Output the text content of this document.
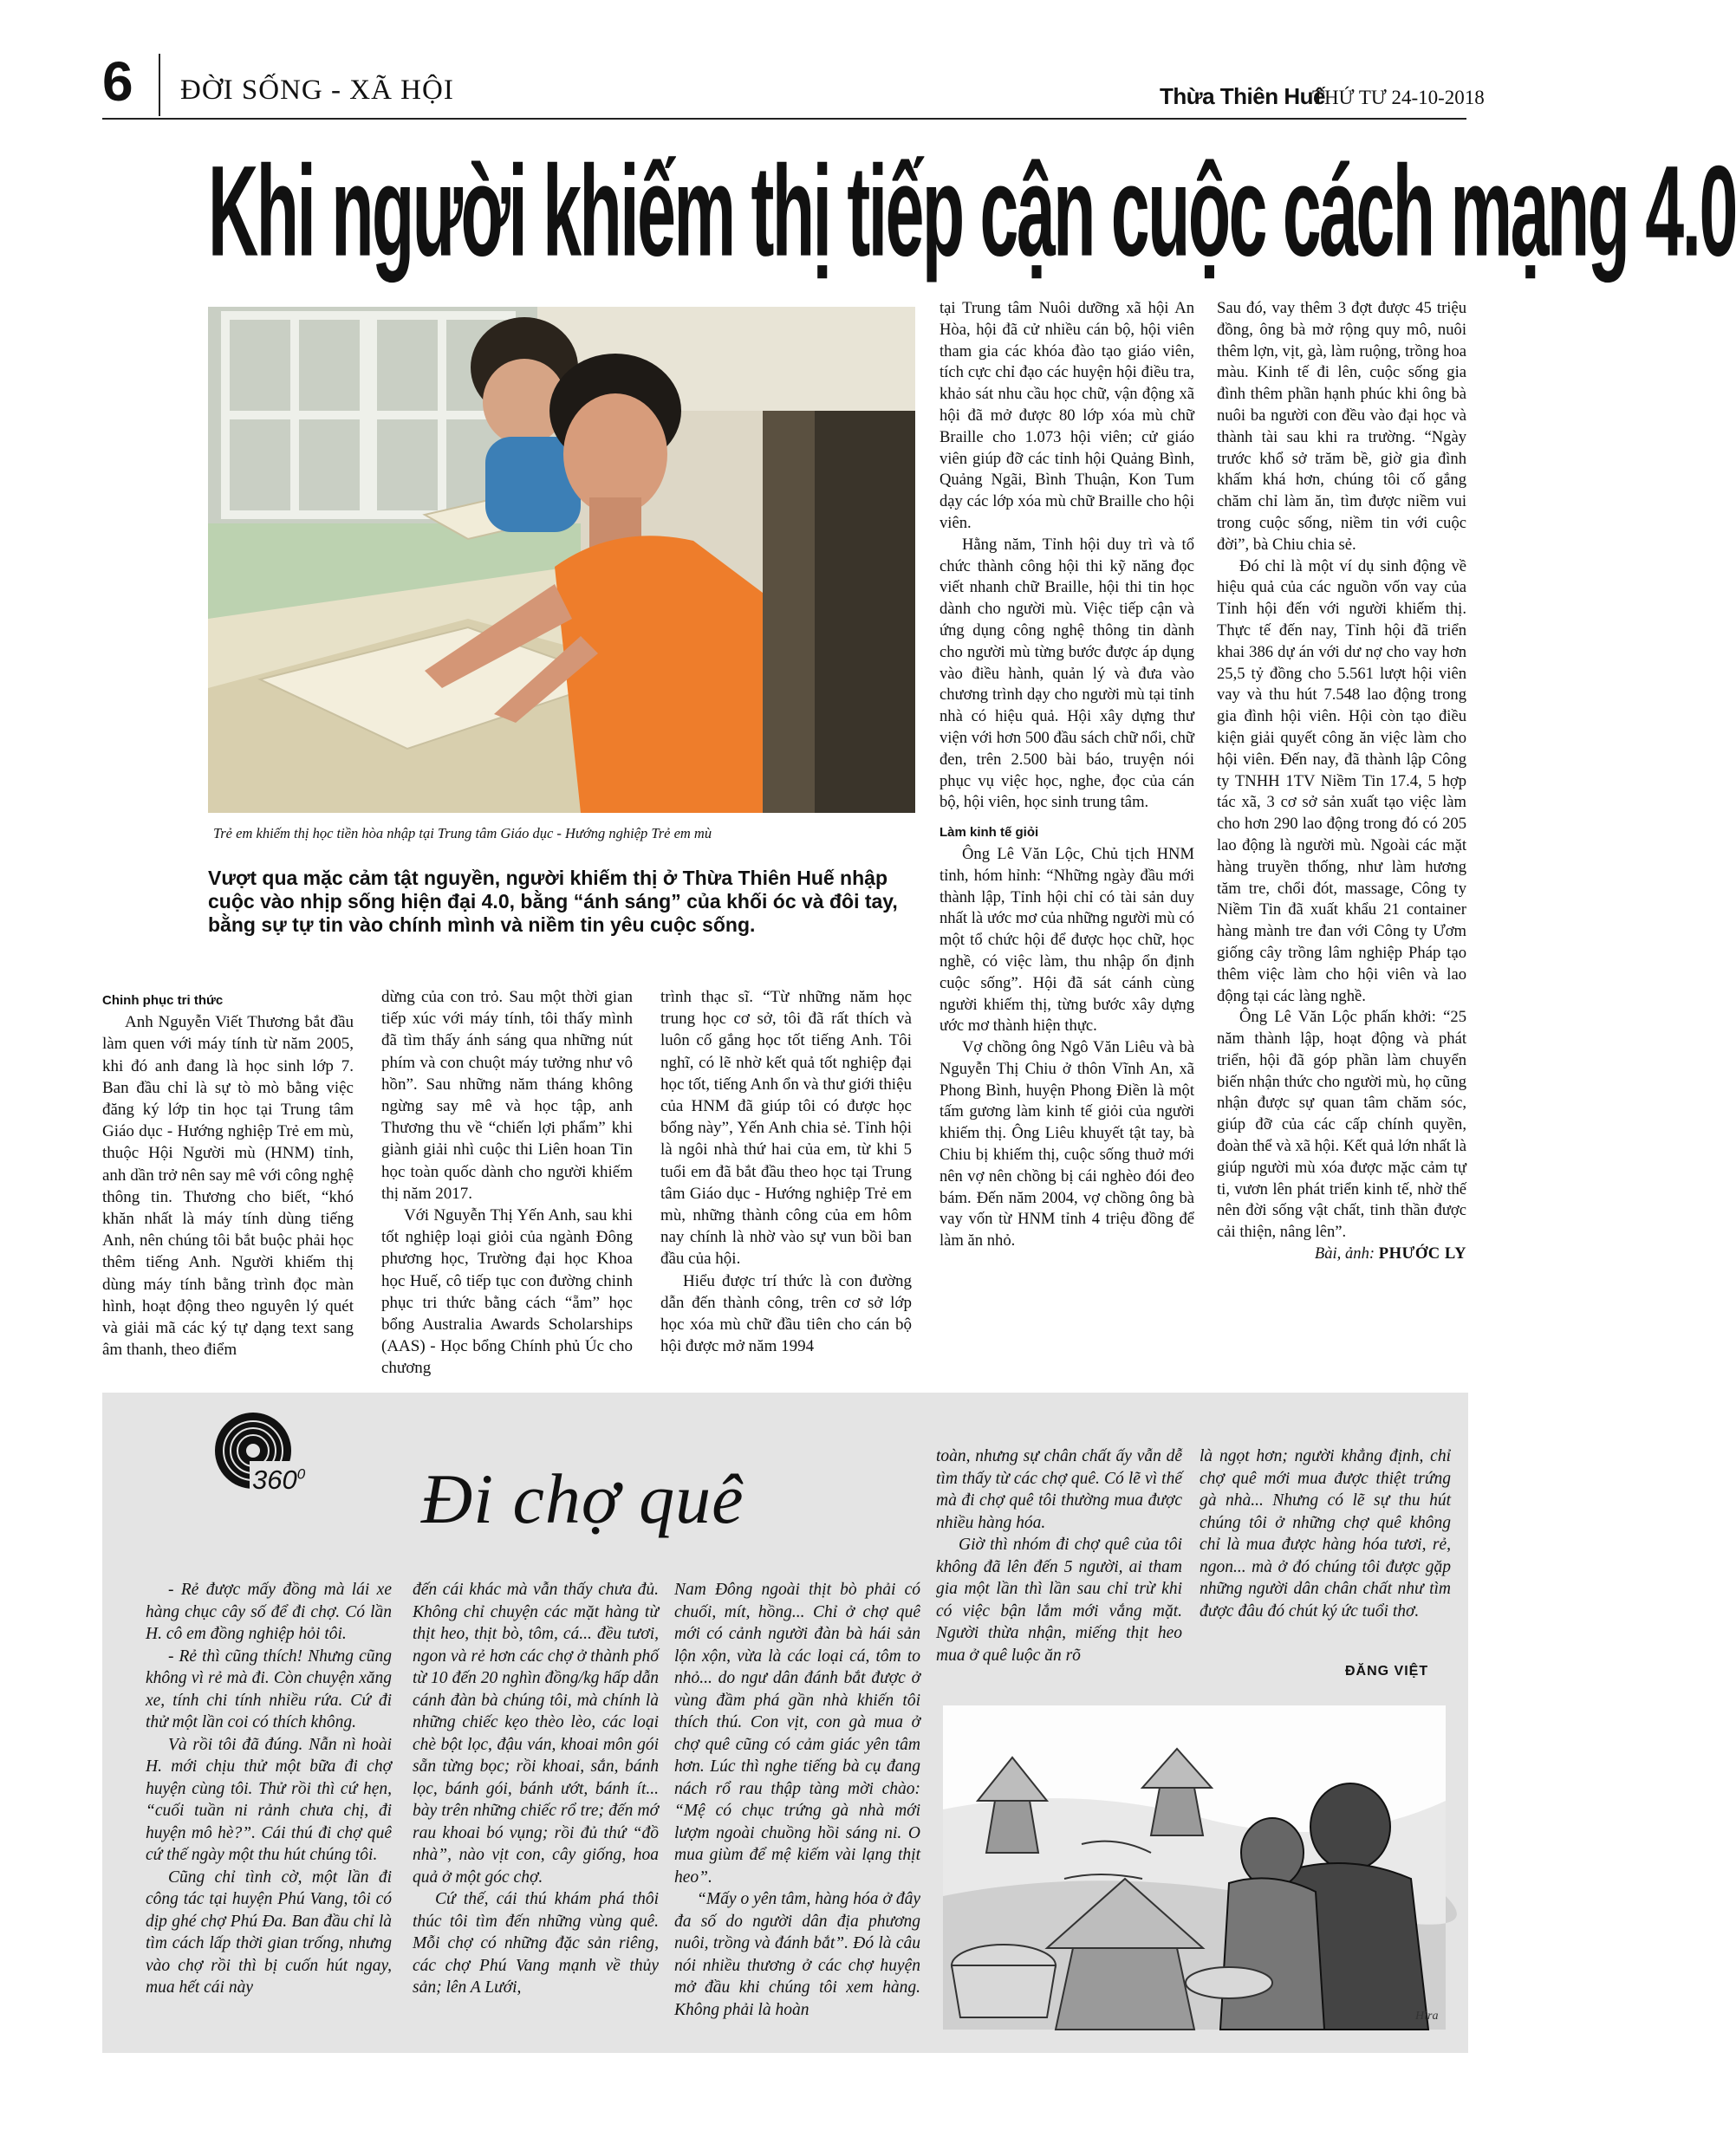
6 ĐỜI SỐNG - XÃ HỘI	Thừa Thiên Huế
THỨ TƯ 24-10-2018
Khi người khiếm thị tiếp cận cuộc cách mạng 4.0
Trẻ em khiếm thị học tiền hòa nhập tại Trung tâm Giáo dục - Hướng nghiệp Trẻ em mù
Vượt qua mặc cảm tật nguyền, người khiếm thị ở Thừa Thiên Huế nhập cuộc vào nhịp sống hiện đại 4.0, bằng “ánh sáng” của khối óc và đôi tay, bằng sự tự tin vào chính mình và niềm tin yêu cuộc sống.

Chinh phục tri thức

Anh Nguyễn Viết Thương bắt đầu làm quen với máy tính từ năm 2005, khi đó anh đang là học sinh lớp 7. Ban đầu chỉ là sự tò mò bằng việc đăng ký lớp tin học tại Trung tâm Giáo dục - Hướng nghiệp Trẻ em mù, thuộc Hội Người mù (HNM) tỉnh, anh dần trở nên say mê với công nghệ thông tin. Thương cho biết, “khó khăn nhất là máy tính dùng tiếng Anh, nên chúng tôi bắt buộc phải học thêm tiếng Anh. Người khiếm thị dùng máy tính bằng trình đọc màn hình, hoạt động theo nguyên lý quét và giải mã các ký tự dạng text sang âm thanh, theo điểm

dừng của con trỏ. Sau một thời gian tiếp xúc với máy tính, tôi thấy mình đã tìm thấy ánh sáng qua những nút phím và con chuột máy tưởng như vô hồn”. Sau những năm tháng không ngừng say mê và học tập, anh Thương thu về “chiến lợi phẩm” khi giành giải nhì cuộc thi Liên hoan Tin học toàn quốc dành cho người khiếm thị năm 2017.

Với Nguyễn Thị Yến Anh, sau khi tốt nghiệp loại giỏi của ngành Đông phương học, Trường đại học Khoa học Huế, cô tiếp tục con đường chinh phục tri thức bằng cách “ẵm” học bổng Australia Awards Scholarships (AAS) - Học bổng Chính phủ Úc cho chương

trình thạc sĩ. “Từ những năm học trung học cơ sở, tôi đã rất thích và luôn cố gắng học tốt tiếng Anh. Tôi nghĩ, có lẽ nhờ kết quả tốt nghiệp đại học tốt, tiếng Anh ổn và thư giới thiệu của HNM đã giúp tôi có được học bổng này”, Yến Anh chia sẻ. Tỉnh hội là ngôi nhà thứ hai của em, từ khi 5 tuổi em đã bắt đầu theo học tại Trung tâm Giáo dục - Hướng nghiệp Trẻ em mù, những thành công của em hôm nay chính là nhờ vào sự vun bồi ban đầu của hội.

Hiểu được trí thức là con đường dẫn đến thành công, trên cơ sở lớp học xóa mù chữ đầu tiên cho cán bộ hội được mở năm 1994

tại Trung tâm Nuôi dưỡng xã hội An Hòa, hội đã cử nhiều cán bộ, hội viên tham gia các khóa đào tạo giáo viên, tích cực chỉ đạo các huyện hội điều tra, khảo sát nhu cầu học chữ, vận động xã hội đã mở được 80 lớp xóa mù chữ Braille cho 1.073 hội viên; cử giáo viên giúp đỡ các tỉnh hội Quảng Bình, Quảng Ngãi, Bình Thuận, Kon Tum dạy các lớp xóa mù chữ Braille cho hội viên.

Hằng năm, Tỉnh hội duy trì và tổ chức thành công hội thi kỹ năng đọc viết nhanh chữ Braille, hội thi tin học dành cho người mù. Việc tiếp cận và ứng dụng công nghệ thông tin dành cho người mù từng bước được áp dụng vào điều hành, quản lý và đưa vào chương trình dạy cho người mù tại tỉnh nhà có hiệu quả. Hội xây dựng thư viện với hơn 500 đầu sách chữ nổi, chữ đen, trên 2.500 bài báo, truyện nói phục vụ việc học, nghe, đọc của cán bộ, hội viên, học sinh trung tâm.

Làm kinh tế giỏi

Ông Lê Văn Lộc, Chủ tịch HNM tỉnh, hóm hỉnh: “Những ngày đầu mới thành lập, Tỉnh hội chỉ có tài sản duy nhất là ước mơ của những người mù có một tổ chức hội để được học chữ, học nghề, có việc làm, thu nhập ổn định cuộc sống”. Hội đã sát cánh cùng người khiếm thị, từng bước xây dựng ước mơ thành hiện thực.

Vợ chồng ông Ngô Văn Liêu và bà Nguyễn Thị Chiu ở thôn Vĩnh An, xã Phong Bình, huyện Phong Điền là một tấm gương làm kinh tế giỏi của người khiếm thị. Ông Liêu khuyết tật tay, bà Chiu bị khiếm thị, cuộc sống thuở mới nên vợ nên chồng bị cái nghèo đói đeo bám. Đến năm 2004, vợ chồng ông bà vay vốn từ HNM tỉnh 4 triệu đồng để làm ăn nhỏ.

Sau đó, vay thêm 3 đợt được 45 triệu đồng, ông bà mở rộng quy mô, nuôi thêm lợn, vịt, gà, làm ruộng, trồng hoa màu. Kinh tế đi lên, cuộc sống gia đình thêm phần hạnh phúc khi ông bà nuôi ba người con đều vào đại học và thành tài sau khi ra trường. “Ngày trước khổ sở trăm bề, giờ gia đình khấm khá hơn, chúng tôi cố gắng chăm chỉ làm ăn, tìm được niềm vui trong cuộc sống, niềm tin với cuộc đời”, bà Chiu chia sẻ.

Đó chỉ là một ví dụ sinh động về hiệu quả của các nguồn vốn vay của Tỉnh hội đến với người khiếm thị. Thực tế đến nay, Tỉnh hội đã triển khai 386 dự án với dư nợ cho vay hơn 25,5 tỷ đồng cho 5.561 lượt hội viên vay và thu hút 7.548 lao động trong gia đình hội viên. Hội còn tạo điều kiện giải quyết công ăn việc làm cho hội viên. Đến nay, đã thành lập Công ty TNHH 1TV Niềm Tin 17.4, 5 hợp tác xã, 3 cơ sở sản xuất tạo việc làm cho hơn 290 lao động trong đó có 205 lao động là người mù. Ngoài các mặt hàng truyền thống, như làm hương tăm tre, chổi đót, massage, Công ty Niềm Tin đã xuất khẩu 21 container hàng mành tre đan với Công ty Ươm giống cây trồng lâm nghiệp Pháp tạo thêm việc làm cho hội viên và lao động tại các làng nghề.

Ông Lê Văn Lộc phấn khởi: “25 năm thành lập, hoạt động và phát triển, hội đã góp phần làm chuyển biến nhận thức cho người mù, họ cũng nhận được sự quan tâm chăm sóc, giúp đỡ của các cấp chính quyền, đoàn thể và xã hội. Kết quả lớn nhất là giúp người mù xóa được mặc cảm tự ti, vươn lên phát triển kinh tế, nhờ thế nên đời sống vật chất, tinh thần được cải thiện, nâng lên”.

Bài, ảnh: PHƯỚC LY

$360^0$ Đi chợ quê

- Rẻ được mấy đồng mà lái xe hàng chục cây số để đi chợ. Có lần H. cô em đồng nghiệp hỏi tôi.

- Rẻ thì cũng thích! Nhưng cũng không vì rẻ mà đi. Còn chuyện xăng xe, tính chi tính nhiều rứa. Cứ đi thử một lần coi có thích không.

Và rồi tôi đã đúng. Nẫn nì hoài H. mới chịu thử một bữa đi chợ huyện cùng tôi. Thử rồi thì cứ hẹn, “cuối tuần ni rảnh chưa chị, đi huyện mô hè?”. Cái thú đi chợ quê cứ thế ngày một thu hút chúng tôi.

Cũng chỉ tình cờ, một lần đi công tác tại huyện Phú Vang, tôi có dịp ghé chợ Phú Đa. Ban đầu chỉ là tìm cách lấp thời gian trống, nhưng vào chợ rồi thì bị cuốn hút ngay, mua hết cái này

đến cái khác mà vẫn thấy chưa đủ. Không chỉ chuyện các mặt hàng từ thịt heo, thịt bò, tôm, cá... đều tươi, ngon và rẻ hơn các chợ ở thành phố từ 10 đến 20 nghìn đồng/kg hấp dẫn cánh đàn bà chúng tôi, mà chính là những chiếc kẹo thèo lèo, các loại chè bột lọc, đậu ván, khoai môn gói sẵn từng bọc; rồi khoai, sắn, bánh lọc, bánh gói, bánh ướt, bánh ít... bày trên những chiếc rổ tre; đến mớ rau khoai bó vụng; rồi đủ thứ “đồ nhà”, nào vịt con, cây giống, hoa quả ở một góc chợ.

Cứ thế, cái thú khám phá thôi thúc tôi tìm đến những vùng quê. Mỗi chợ có những đặc sản riêng, các chợ Phú Vang mạnh về thủy sản; lên A Lưới,

Nam Đông ngoài thịt bò phải có chuối, mít, hồng... Chỉ ở chợ quê mới có cảnh người đàn bà hái sản lộn xộn, vừa là các loại cá, tôm to nhỏ... do ngư dân đánh bắt được ở vùng đầm phá gần nhà khiến tôi thích thú. Con vịt, con gà mua ở chợ quê cũng có cảm giác yên tâm hơn. Lúc thì nghe tiếng bà cụ đang nách rổ rau thập tàng mời chào: “Mệ có chục trứng gà nhà mới lượm ngoài chuồng hồi sáng ni. O mua giùm để mệ kiếm vài lạng thịt heo”.

“Mấy o yên tâm, hàng hóa ở đây đa số do người dân địa phương nuôi, trồng và đánh bắt”. Đó là câu nói nhiều thương ở các chợ huyện mở đầu khi chúng tôi xem hàng. Không phải là hoàn

toàn, nhưng sự chân chất ấy vẫn dễ tìm thấy từ các chợ quê. Có lẽ vì thế mà đi chợ quê tôi thường mua được nhiều hàng hóa.

Giờ thì nhóm đi chợ quê của tôi không đã lên đến 5 người, ai tham gia một lần thì lần sau chỉ trừ khi có việc bận lắm mới vắng mặt. Người thừa nhận, miếng thịt heo mua ở quê luộc ăn rõ

là ngọt hơn; người khẳng định, chỉ chợ quê mới mua được thiệt trứng gà nhà... Nhưng có lẽ sự thu hút chúng tôi ở những chợ quê không chỉ là mua được hàng hóa tươi, rẻ, ngon... mà ở đó chúng tôi được gặp những người dân chân chất như tìm được đâu đó chút ký ức tuổi thơ.

ĐĂNG VIỆT
Hira
